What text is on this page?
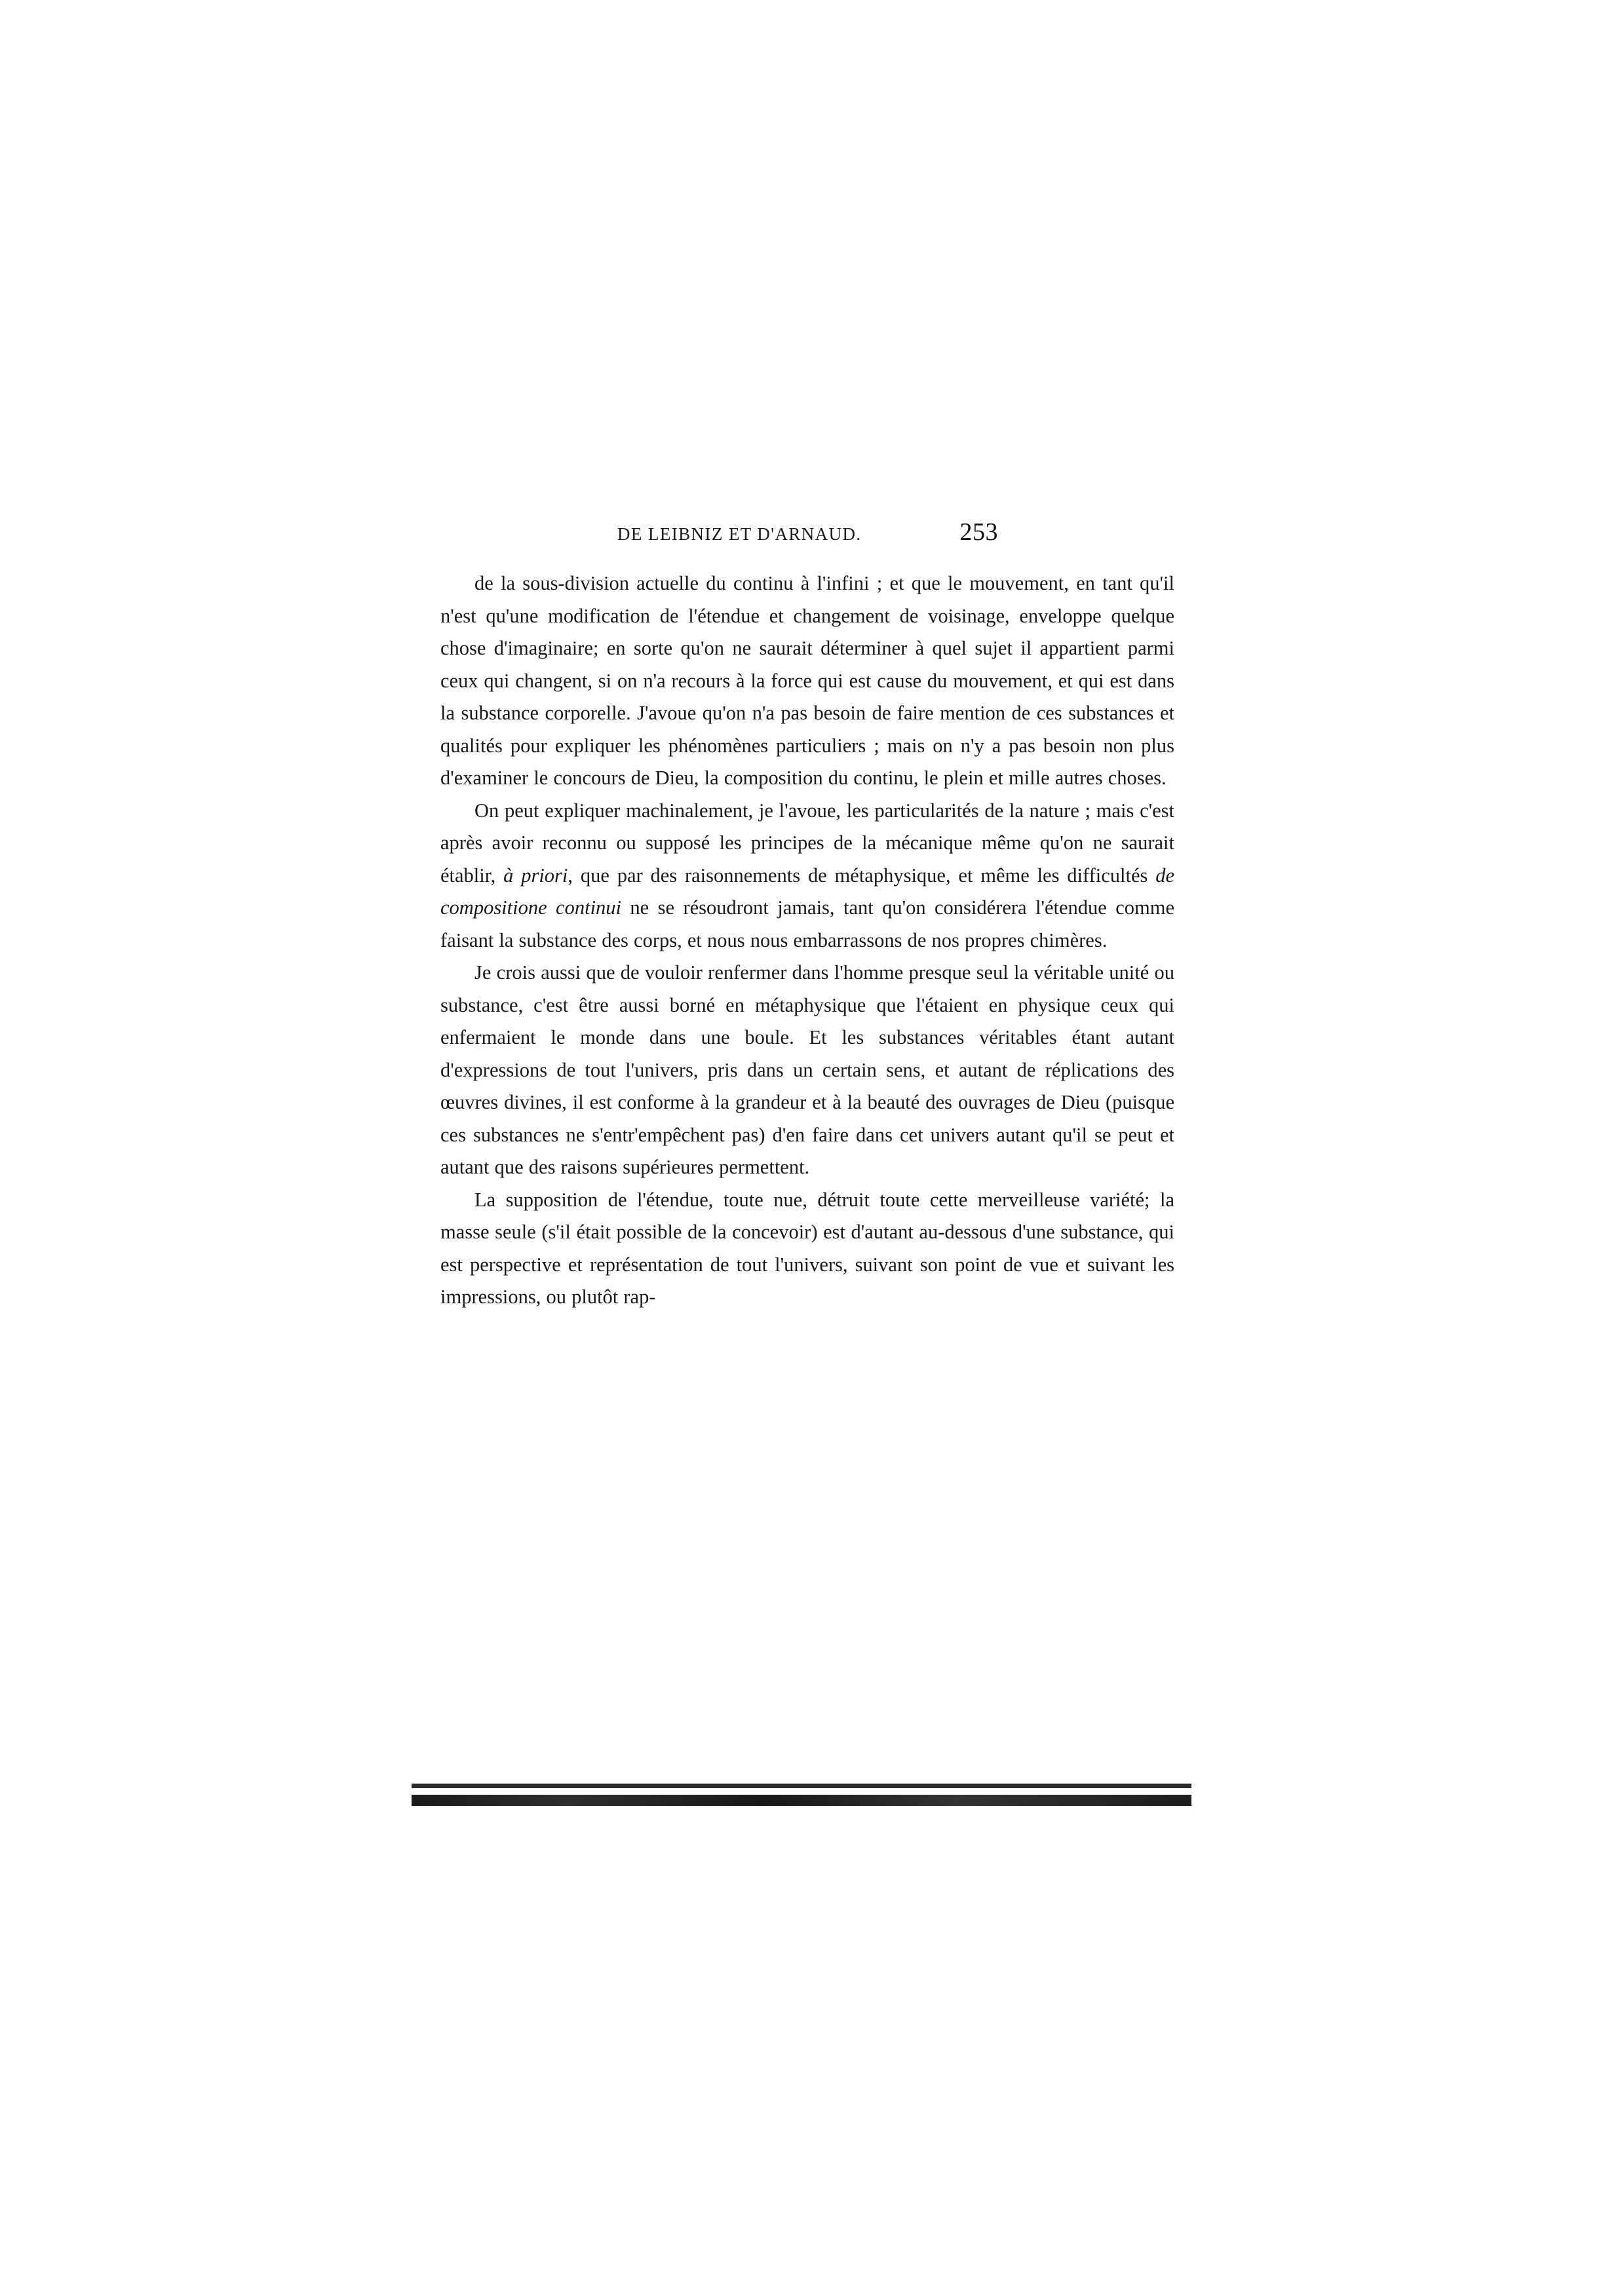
DE LEIBNIZ ET D'ARNAUD.	253

de la sous-division actuelle du continu à l'infini ; et que le mouvement, en tant qu'il n'est qu'une modification de l'étendue et changement de voisinage, enveloppe quelque chose d'imaginaire; en sorte qu'on ne saurait déterminer à quel sujet il appartient parmi ceux qui changent, si on n'a recours à la force qui est cause du mouvement, et qui est dans la substance corporelle. J'avoue qu'on n'a pas besoin de faire mention de ces substances et qualités pour expliquer les phénomènes particuliers ; mais on n'y a pas besoin non plus d'examiner le concours de Dieu, la composition du continu, le plein et mille autres choses.

On peut expliquer machinalement, je l'avoue, les particularités de la nature ; mais c'est après avoir reconnu ou supposé les principes de la mécanique même qu'on ne saurait établir, à priori, que par des raisonnements de métaphysique, et même les difficultés de compositione continui ne se résoudront jamais, tant qu'on considérera l'étendue comme faisant la substance des corps, et nous nous embarrassons de nos propres chimères.

Je crois aussi que de vouloir renfermer dans l'homme presque seul la véritable unité ou substance, c'est être aussi borné en métaphysique que l'étaient en physique ceux qui enfermaient le monde dans une boule. Et les substances véritables étant autant d'expressions de tout l'univers, pris dans un certain sens, et autant de réplications des œuvres divines, il est conforme à la grandeur et à la beauté des ouvrages de Dieu (puisque ces substances ne s'entr'empêchent pas) d'en faire dans cet univers autant qu'il se peut et autant que des raisons supérieures permettent.

La supposition de l'étendue, toute nue, détruit toute cette merveilleuse variété; la masse seule (s'il était possible de la concevoir) est d'autant au-dessous d'une substance, qui est perspective et représentation de tout l'univers, suivant son point de vue et suivant les impressions, ou plutôt rap-
